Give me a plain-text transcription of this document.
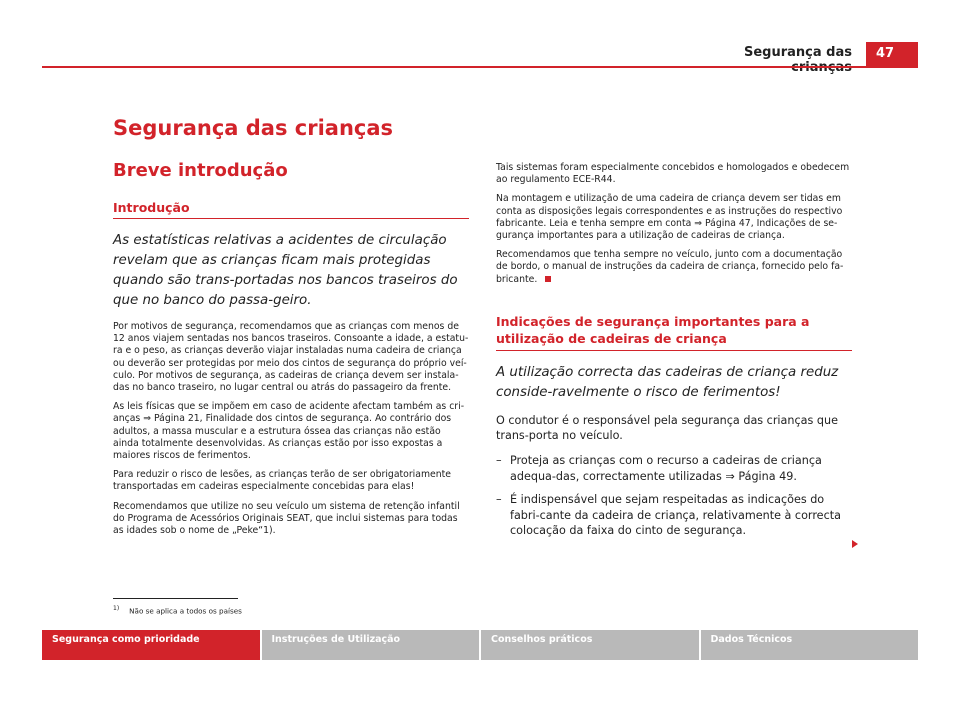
Segurança das	47
Segurança das crianças
Breve introdução
Introdução
As estatísticas relativas a acidentes de circulação revelam que as crianças ficam mais protegidas quando são trans-portadas nos bancos traseiros do que no banco do passa-geiro.

Por motivos de segurança, recomendamos que as crianças com menos de 12 anos viajem sentadas nos bancos traseiros. Consoante a idade, a estatu-ra e o peso, as crianças deverão viajar instaladas numa cadeira de criança ou deverão ser protegidas por meio dos cintos de segurança do próprio veí-culo. Por motivos de segurança, as cadeiras de criança devem ser instala-das no banco traseiro, no lugar central ou atrás do passageiro da frente.

As leis físicas que se impõem em caso de acidente afectam também as cri-anças ⇒ Página 21, Finalidade dos cintos de segurança. Ao contrário dos adultos, a massa muscular e a estrutura óssea das crianças não estão ainda totalmente desenvolvidas. As crianças estão por isso expostas a maiores riscos de ferimentos.

Para reduzir o risco de lesões, as crianças terão de ser obrigatoriamente transportadas em cadeiras especialmente concebidas para elas!

Recomendamos que utilize no seu veículo um sistema de retenção infantil do Programa de Acessórios Originais SEAT, que inclui sistemas para todas as idades sob o nome de „Peke“1).

Tais sistemas foram especialmente concebidos e homologados e obedecem ao regulamento ECE-R44.

Na montagem e utilização de uma cadeira de criança devem ser tidas em conta as disposições legais correspondentes e as instruções do respectivo fabricante. Leia e tenha sempre em conta ⇒ Página 47, Indicações de se-gurança importantes para a utilização de cadeiras de criança.

Recomendamos que tenha sempre no veículo, junto com a documentação de bordo, o manual de instruções da cadeira de criança, fornecido pelo fa-bricante.

Indicações de segurança importantes para a utilização de cadeiras de criança
A utilização correcta das cadeiras de criança reduz conside-ravelmente o risco de ferimentos!

O condutor é o responsável pela segurança das crianças que trans-porta no veículo.

– Proteja as crianças com o recurso a cadeiras de criança adequa-das, correctamente utilizadas ⇒ Página 49.
– É indispensável que sejam respeitadas as indicações do fabri-cante da cadeira de criança, relativamente à correcta colocação da faixa do cinto de segurança.
$^{1)}$ Não se aplica a todos os países
Segurança como prioridade	Instruções de Utilização	Conselhos práticos	Dados Técnicos
